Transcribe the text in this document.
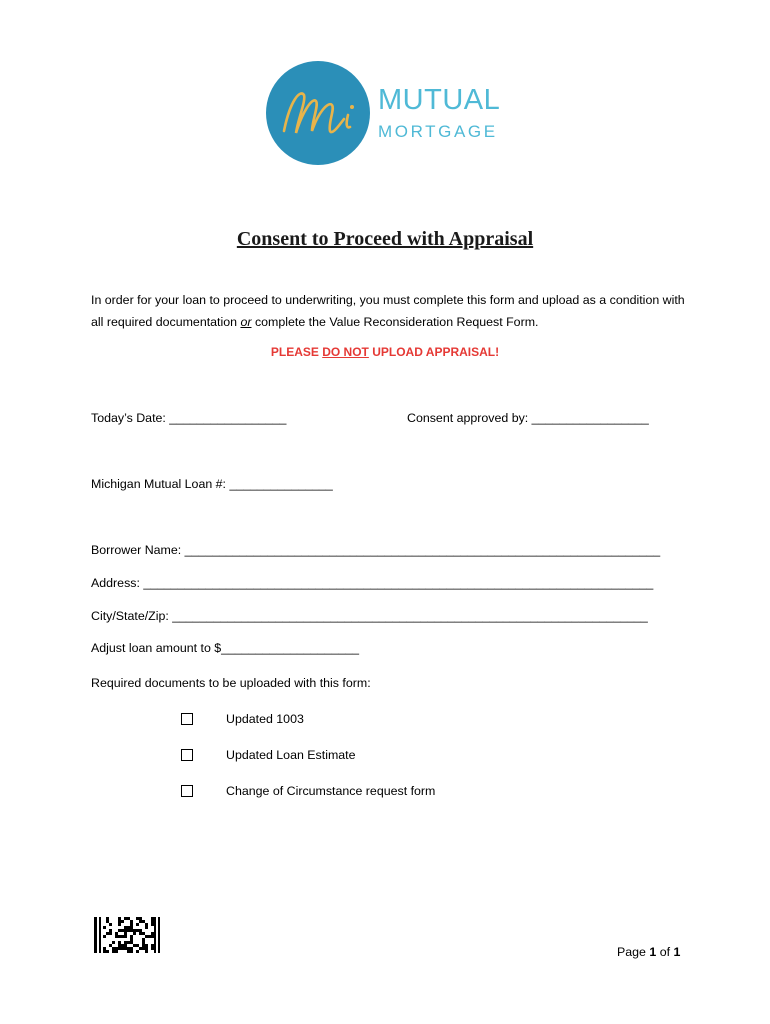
MUTUAL
MORTGAGE
Consent to Proceed with Appraisal
In order for your loan to proceed to underwriting, you must complete this form and upload as a condition with all required documentation or complete the Value Reconsideration Request Form.
PLEASE DO NOT UPLOAD APPRAISAL!
Today’s Date: _________________	Consent approved by: _________________
Michigan Mutual Loan #: _______________
Borrower Name: _____________________________________________________________________
Address: __________________________________________________________________________
City/State/Zip: _____________________________________________________________________
Adjust loan amount to $____________________
Required documents to be uploaded with this form:
Updated 1003
Updated Loan Estimate
Change of Circumstance request form
Page 1 of 1
